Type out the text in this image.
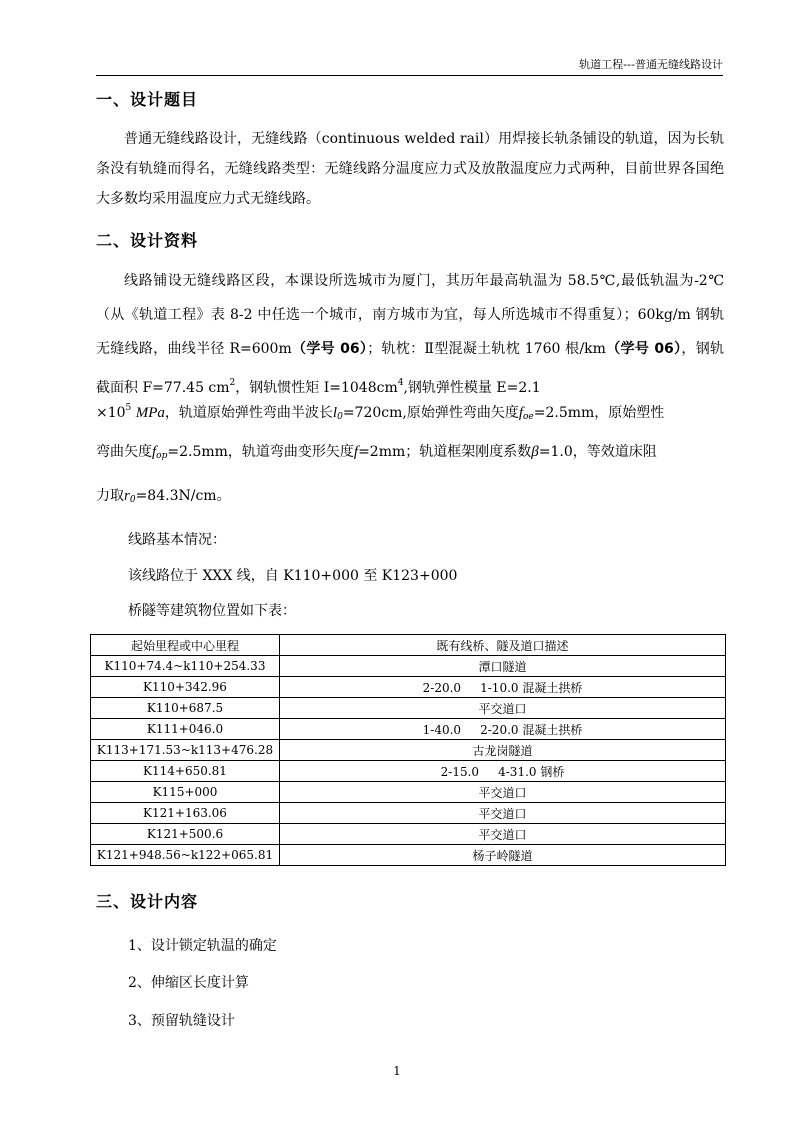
轨道工程---普通无缝线路设计
一、设计题目

普通无缝线路设计，无缝线路（continuous welded rail）用焊接长轨条铺设的轨道，因为长轨条没有轨缝而得名，无缝线路类型：无缝线路分温度应力式及放散温度应力式两种，目前世界各国绝大多数均采用温度应力式无缝线路。

二、设计资料

线路铺设无缝线路区段，本课设所选城市为厦门，其历年最高轨温为 58.5℃,最低轨温为-2℃（从《轨道工程》表 8-2 中任选一个城市，南方城市为宜，每人所选城市不得重复）；60kg/m 钢轨无缝线路，曲线半径 R=600m（学号 06）；轨枕：Ⅱ型混凝土轨枕 1760 根/km（学号 06），钢轨截面积 F=77.45 $cm^2$，钢轨惯性矩 $I=1048cm^4$,钢轨弹性模量 E=2.1

$\times 10^5$ MPa，轨道原始弹性弯曲半波长$l_0=720cm$,原始弹性弯曲矢度$f_{oe}=2.5mm$，原始塑性

弯曲矢度$f_{op}=2.5mm$，轨道弯曲变形矢度f=2mm；轨道框架刚度系数β=1.0，等效道床阻

力取$r_0=84.3N/cm$。

线路基本情况：

该线路位于 XXX 线，自 K110+000 至 K123+000

桥隧等建筑物位置如下表：

起始里程或中心里程	既有线桥、隧及道口描述
K110+74.4~k110+254.33	潭口隧道
K110+342.96	2-20.0     1-10.0 混凝土拱桥
K110+687.5	平交道口
K111+046.0	1-40.0     2-20.0 混凝土拱桥
K113+171.53~k113+476.28	古龙岗隧道
K114+650.81	2-15.0     4-31.0 钢桥
K115+000	平交道口
K121+163.06	平交道口
K121+500.6	平交道口
K121+948.56~k122+065.81	杨子岭隧道
三、设计内容

1、设计锁定轨温的确定

2、伸缩区长度计算

3、预留轨缝设计

1
